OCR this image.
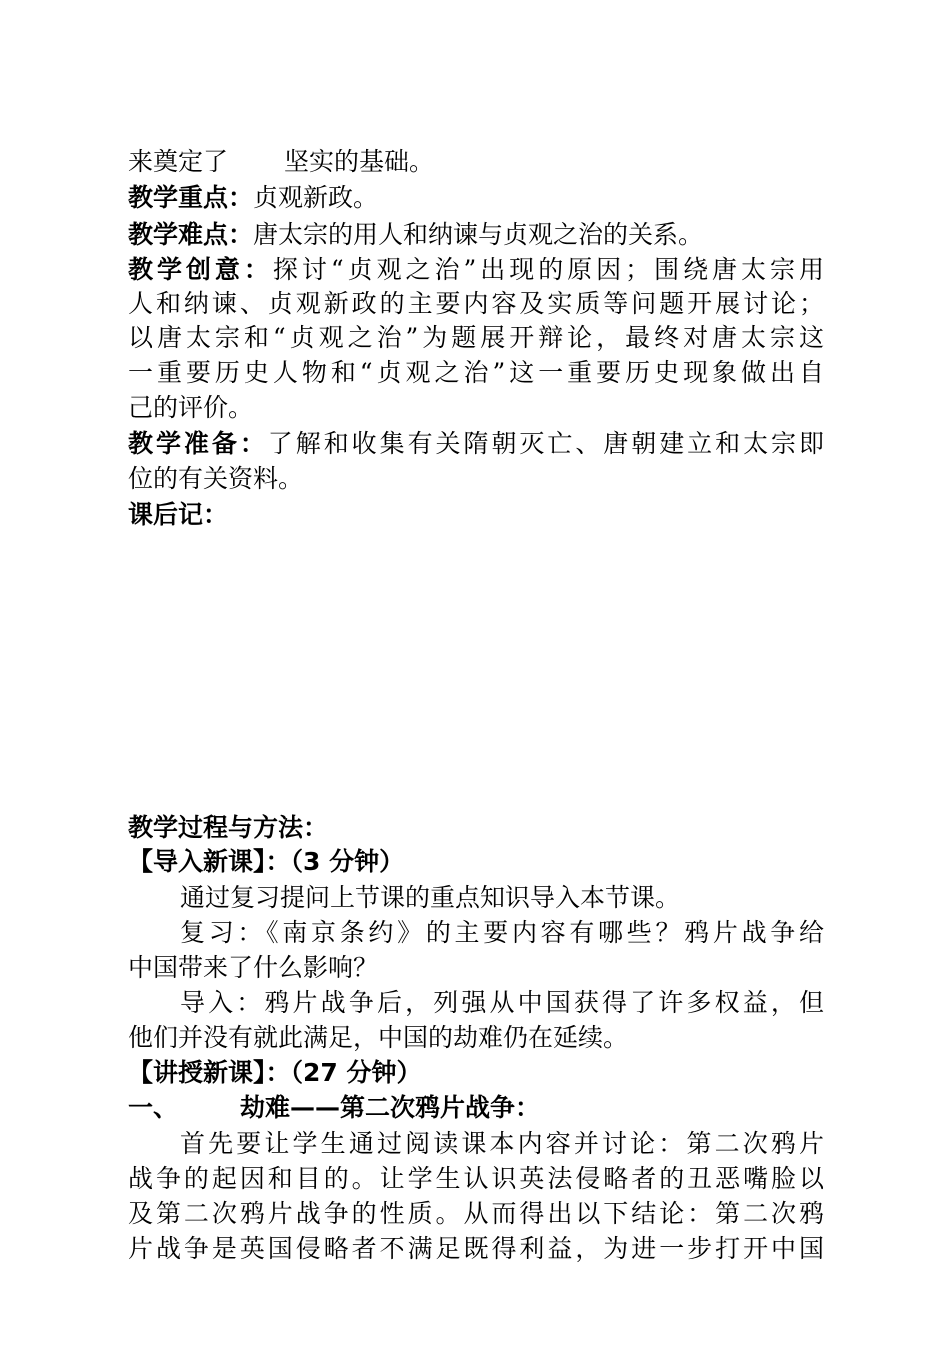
来奠定了 坚实的基础。
教学重点：贞观新政。
教学难点：唐太宗的用人和纳谏与贞观之治的关系。
教学创意：探讨“贞观之治”出现的原因；围绕唐太宗用
人和纳谏、贞观新政的主要内容及实质等问题开展讨论；
以唐太宗和“贞观之治”为题展开辩论，最终对唐太宗这
一重要历史人物和“贞观之治”这一重要历史现象做出自
己的评价。
教学准备：了解和收集有关隋朝灭亡、唐朝建立和太宗即
位的有关资料。
课后记：
教学过程与方法：
【导入新课】：（3 分钟）
通过复习提问上节课的重点知识导入本节课。
复习：《南京条约》的主要内容有哪些？鸦片战争给
中国带来了什么影响？
导入：鸦片战争后，列强从中国获得了许多权益，但
他们并没有就此满足，中国的劫难仍在延续。
【讲授新课】：（27 分钟）
一、 劫难——第二次鸦片战争：
首先要让学生通过阅读课本内容并讨论：第二次鸦片
战争的起因和目的。让学生认识英法侵略者的丑恶嘴脸以
及第二次鸦片战争的性质。从而得出以下结论：第二次鸦
片战争是英国侵略者不满足既得利益，为进一步打开中国
